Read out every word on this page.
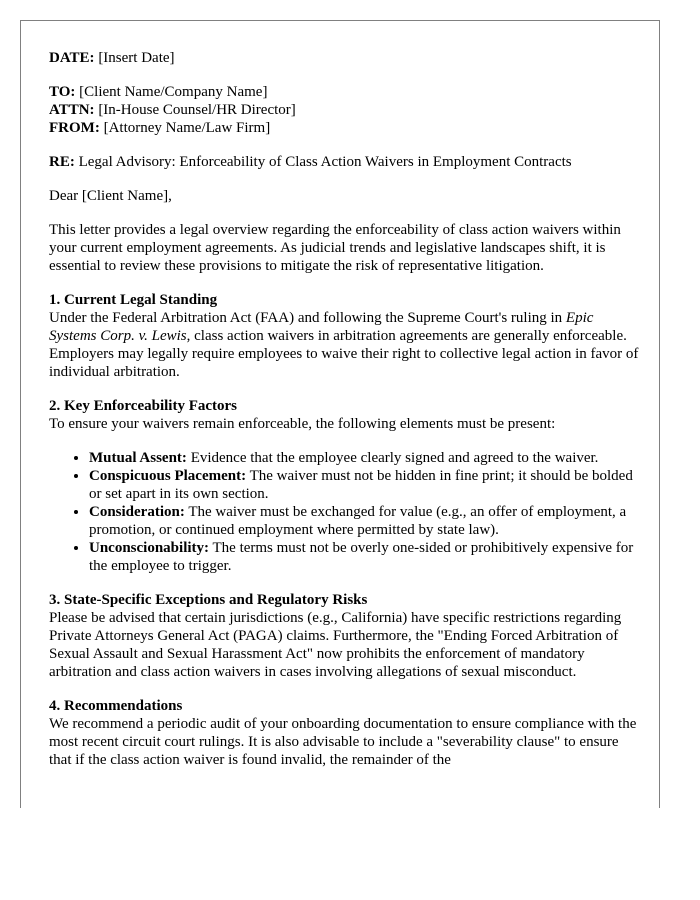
DATE: [Insert Date]

TO: [Client Name/Company Name]
ATTN: [In-House Counsel/HR Director]
FROM: [Attorney Name/Law Firm]

RE: Legal Advisory: Enforceability of Class Action Waivers in Employment Contracts

Dear [Client Name],

This letter provides a legal overview regarding the enforceability of class action waivers within your current employment agreements. As judicial trends and legislative landscapes shift, it is essential to review these provisions to mitigate the risk of representative litigation.

1. Current Legal Standing

Under the Federal Arbitration Act (FAA) and following the Supreme Court's ruling in Epic Systems Corp. v. Lewis, class action waivers in arbitration agreements are generally enforceable. Employers may legally require employees to waive their right to collective legal action in favor of individual arbitration.

2. Key Enforceability Factors

To ensure your waivers remain enforceable, the following elements must be present:

• Mutual Assent: Evidence that the employee clearly signed and agreed to the waiver.
• Conspicuous Placement: The waiver must not be hidden in fine print; it should be bolded or set apart in its own section.
• Consideration: The waiver must be exchanged for value (e.g., an offer of employment, a promotion, or continued employment where permitted by state law).
• Unconscionability: The terms must not be overly one-sided or prohibitively expensive for the employee to trigger.
3. State-Specific Exceptions and Regulatory Risks

Please be advised that certain jurisdictions (e.g., California) have specific restrictions regarding Private Attorneys General Act (PAGA) claims. Furthermore, the "Ending Forced Arbitration of Sexual Assault and Sexual Harassment Act" now prohibits the enforcement of mandatory arbitration and class action waivers in cases involving allegations of sexual misconduct.

4. Recommendations

We recommend a periodic audit of your onboarding documentation to ensure compliance with the most recent circuit court rulings. It is also advisable to include a "severability clause" to ensure that if the class action waiver is found invalid, the remainder of the
